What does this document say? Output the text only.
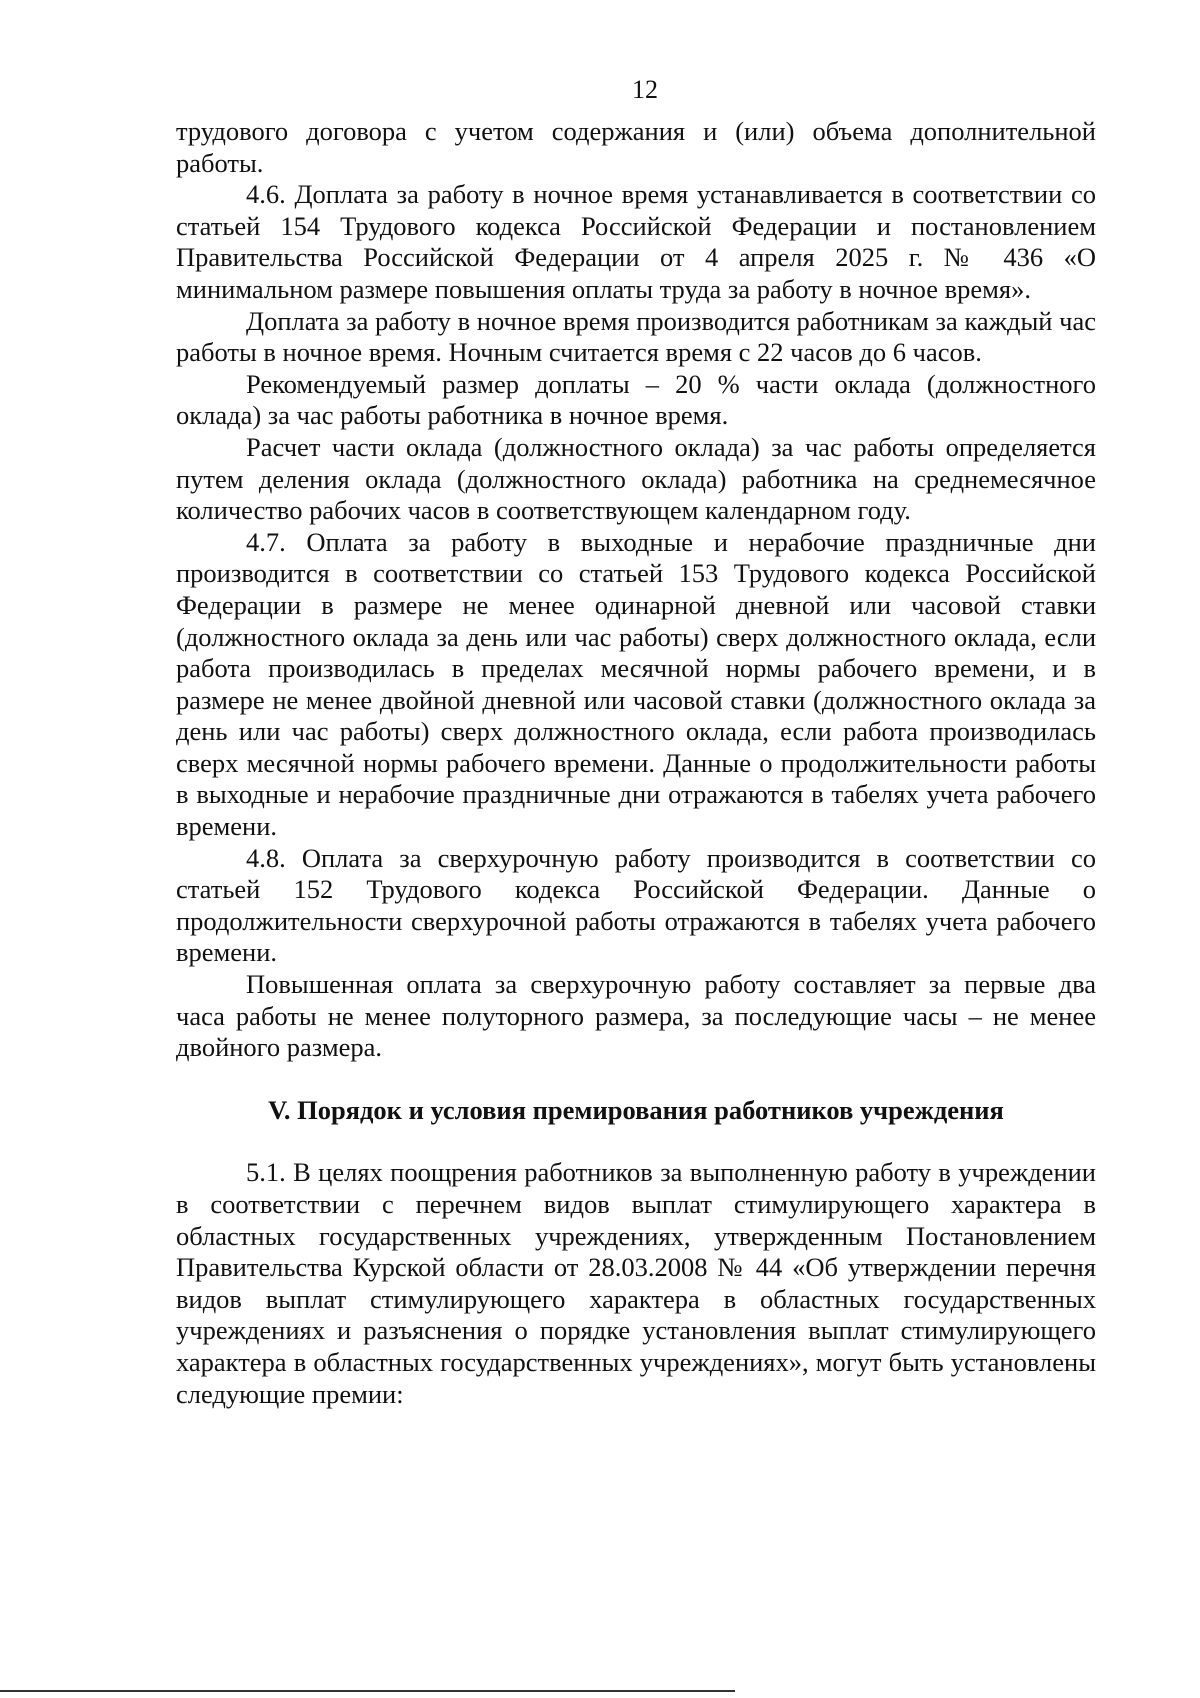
12

трудового договора с учетом содержания и (или) объема дополнительной работы.

4.6. Доплата за работу в ночное время устанавливается в соответствии со статьей 154 Трудового кодекса Российской Федерации и постановлением Правительства Российской Федерации от 4 апреля 2025 г. № 436 «О минимальном размере повышения оплаты труда за работу в ночное время».

Доплата за работу в ночное время производится работникам за каждый час работы в ночное время. Ночным считается время с 22 часов до 6 часов.

Рекомендуемый размер доплаты – 20 % части оклада (должностного оклада) за час работы работника в ночное время.

Расчет части оклада (должностного оклада) за час работы определяется путем деления оклада (должностного оклада) работника на среднемесячное количество рабочих часов в соответствующем календарном году.

4.7. Оплата за работу в выходные и нерабочие праздничные дни производится в соответствии со статьей 153 Трудового кодекса Российской Федерации в размере не менее одинарной дневной или часовой ставки (должностного оклада за день или час работы) сверх должностного оклада, если работа производилась в пределах месячной нормы рабочего времени, и в размере не менее двойной дневной или часовой ставки (должностного оклада за день или час работы) сверх должностного оклада, если работа производилась сверх месячной нормы рабочего времени. Данные о продолжительности работы в выходные и нерабочие праздничные дни отражаются в табелях учета рабочего времени.

4.8. Оплата за сверхурочную работу производится в соответствии со статьей 152 Трудового кодекса Российской Федерации. Данные о продолжительности сверхурочной работы отражаются в табелях учета рабочего времени.

Повышенная оплата за сверхурочную работу составляет за первые два часа работы не менее полуторного размера, за последующие часы – не менее двойного размера.

V. Порядок и условия премирования работников учреждения

5.1. В целях поощрения работников за выполненную работу в учреждении в соответствии с перечнем видов выплат стимулирующего характера в областных государственных учреждениях, утвержденным Постановлением Правительства Курской области от 28.03.2008 № 44 «Об утверждении перечня видов выплат стимулирующего характера в областных государственных учреждениях и разъяснения о порядке установления выплат стимулирующего характера в областных государственных учреждениях», могут быть установлены следующие премии:
